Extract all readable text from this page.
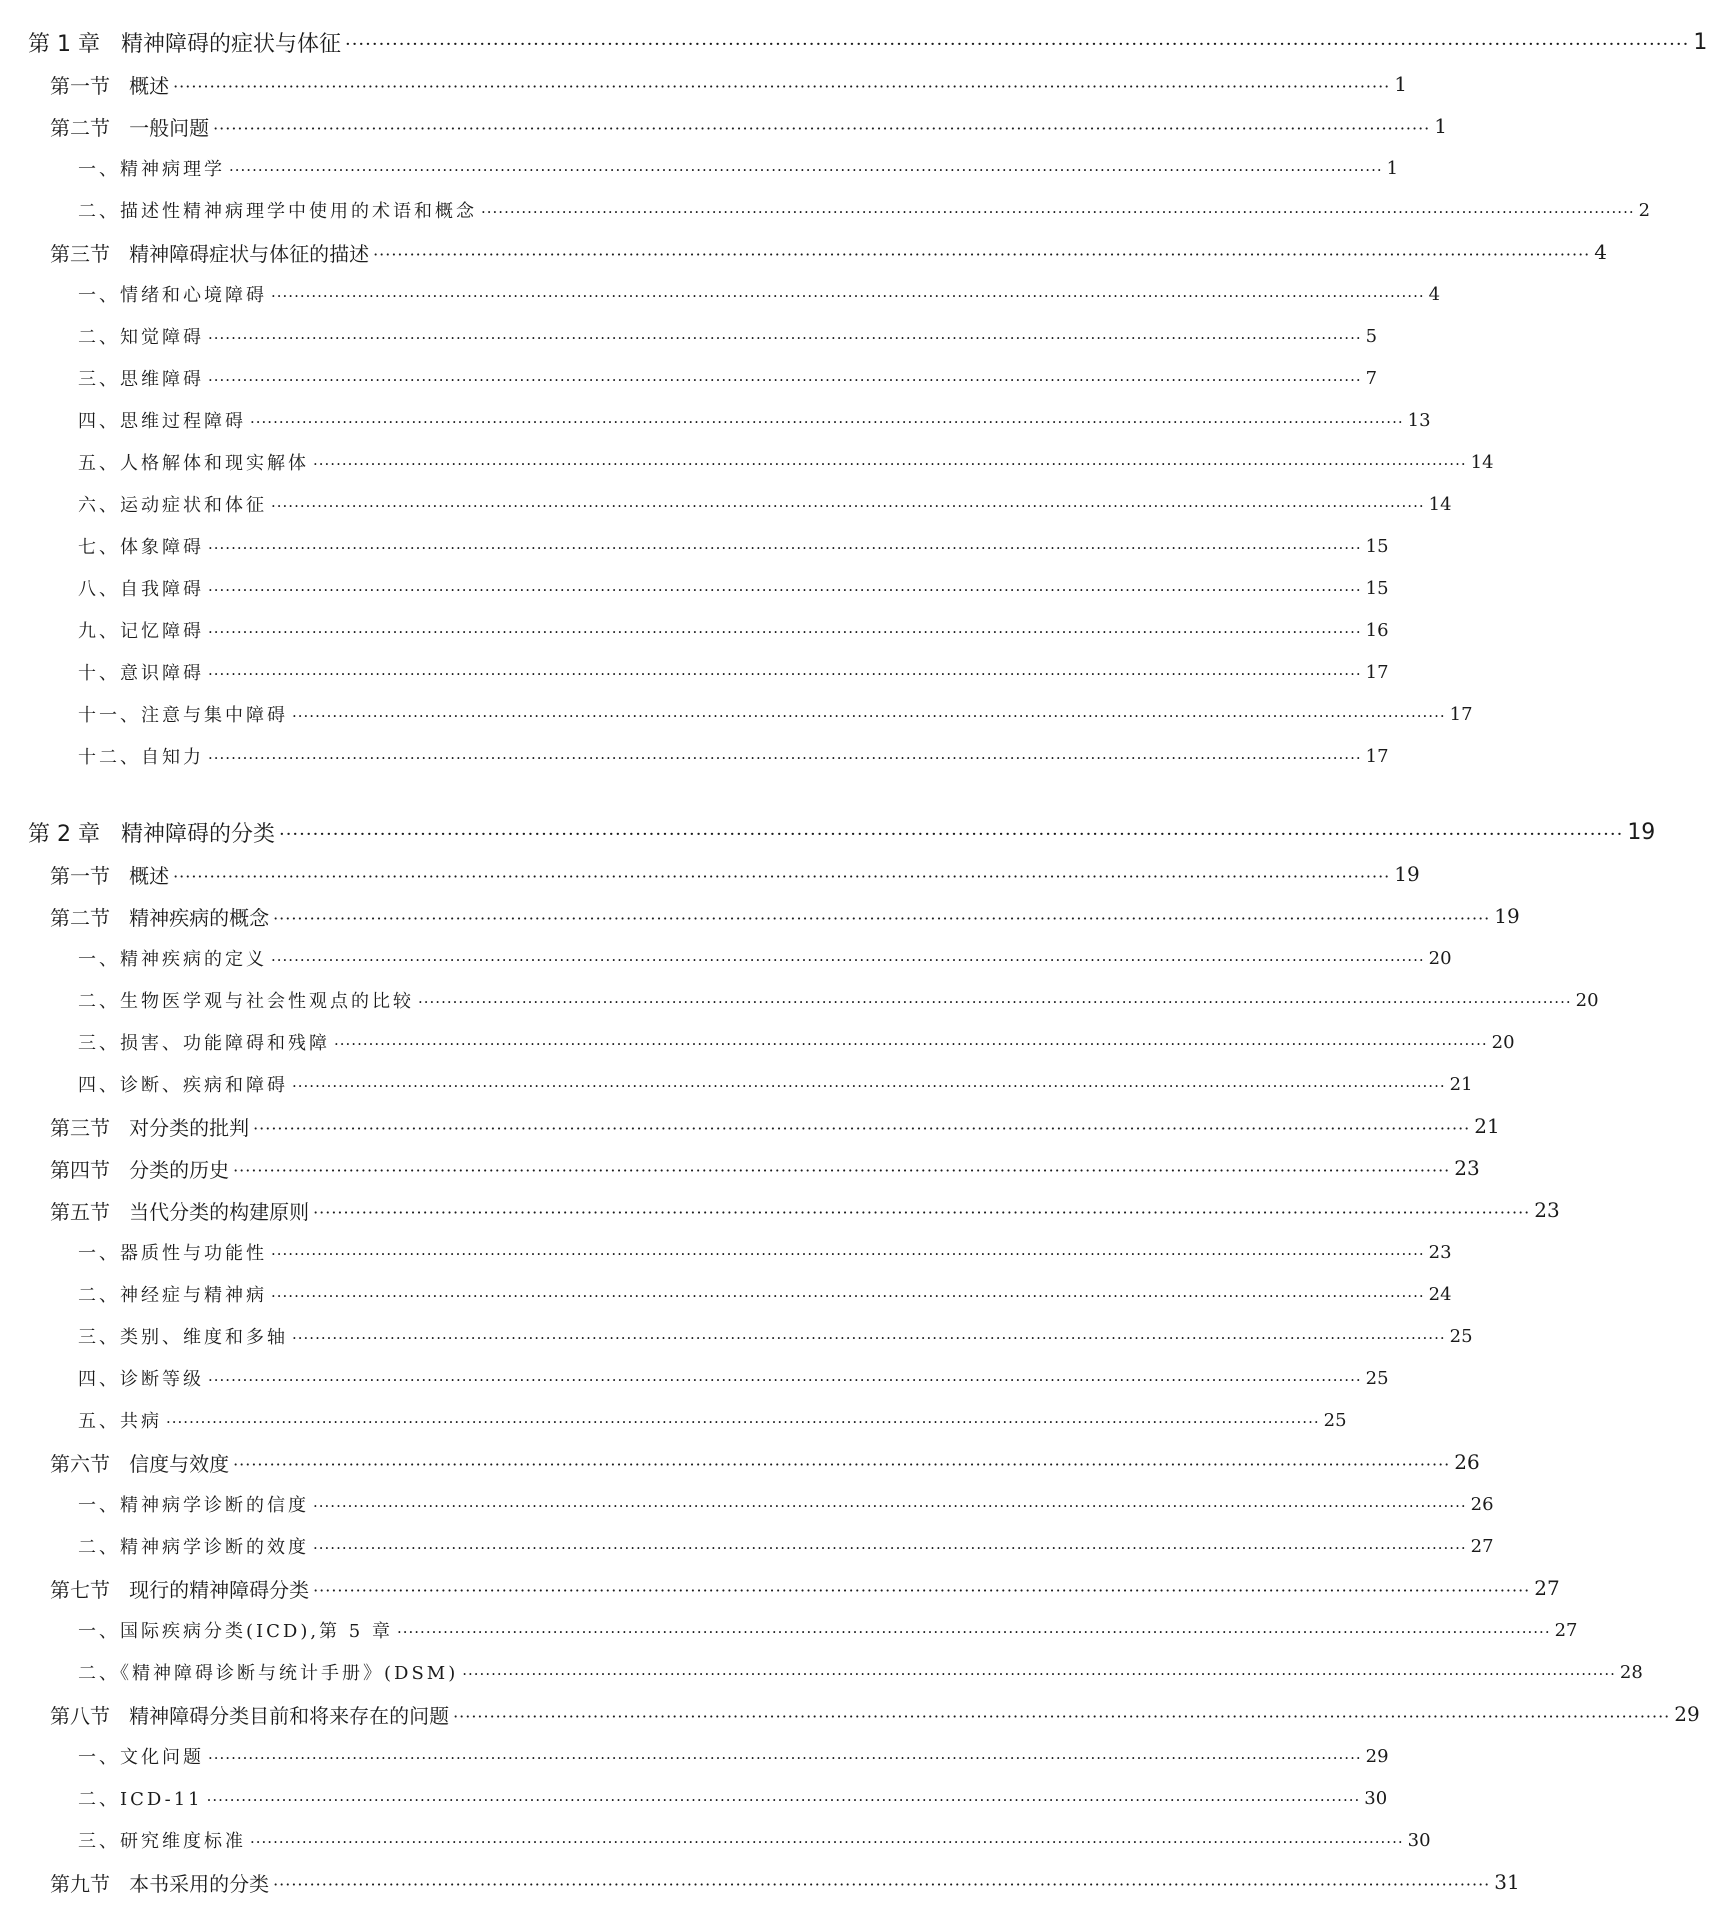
第 1 章   精神障碍的症状与体征 ········································································································································································································ 1
第一节   概述 ········································································································································································································ 1
第二节   一般问题 ········································································································································································································ 1
一、精神病理学 ········································································································································································································ 1
二、描述性精神病理学中使用的术语和概念 ········································································································································································································ 2
第三节   精神障碍症状与体征的描述 ········································································································································································································ 4
一、情绪和心境障碍 ········································································································································································································ 4
二、知觉障碍 ········································································································································································································ 5
三、思维障碍 ········································································································································································································ 7
四、思维过程障碍 ········································································································································································································ 13
五、人格解体和现实解体 ········································································································································································································ 14
六、运动症状和体征 ········································································································································································································ 14
七、体象障碍 ········································································································································································································ 15
八、自我障碍 ········································································································································································································ 15
九、记忆障碍 ········································································································································································································ 16
十、意识障碍 ········································································································································································································ 17
十一、注意与集中障碍 ········································································································································································································ 17
十二、自知力 ········································································································································································································ 17
第 2 章   精神障碍的分类 ········································································································································································································ 19
第一节   概述 ········································································································································································································ 19
第二节   精神疾病的概念 ········································································································································································································ 19
一、精神疾病的定义 ········································································································································································································ 20
二、生物医学观与社会性观点的比较 ········································································································································································································ 20
三、损害、功能障碍和残障 ········································································································································································································ 20
四、诊断、疾病和障碍 ········································································································································································································ 21
第三节   对分类的批判 ········································································································································································································ 21
第四节   分类的历史 ········································································································································································································ 23
第五节   当代分类的构建原则 ········································································································································································································ 23
一、器质性与功能性 ········································································································································································································ 23
二、神经症与精神病 ········································································································································································································ 24
三、类别、维度和多轴 ········································································································································································································ 25
四、诊断等级 ········································································································································································································ 25
五、共病 ········································································································································································································ 25
第六节   信度与效度 ········································································································································································································ 26
一、精神病学诊断的信度 ········································································································································································································ 26
二、精神病学诊断的效度 ········································································································································································································ 27
第七节   现行的精神障碍分类 ········································································································································································································ 27
一、国际疾病分类(ICD),第 5 章 ········································································································································································································ 27
二、《精神障碍诊断与统计手册》(DSM) ········································································································································································································ 28
第八节   精神障碍分类目前和将来存在的问题 ········································································································································································································ 29
一、文化问题 ········································································································································································································ 29
二、ICD-11 ········································································································································································································ 30
三、研究维度标准 ········································································································································································································ 30
第九节   本书采用的分类 ········································································································································································································ 31
